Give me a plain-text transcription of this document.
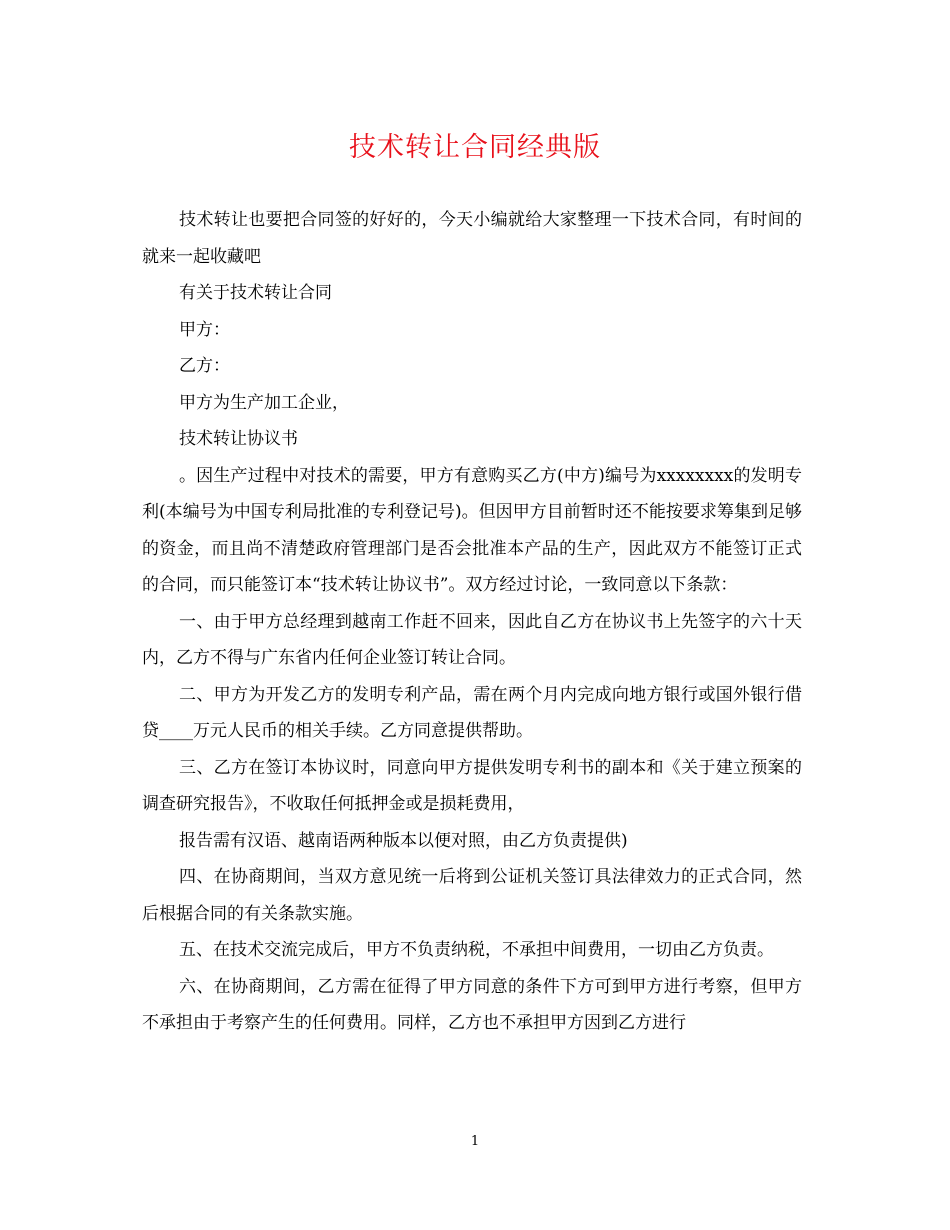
技术转让合同经典版

技术转让也要把合同签的好好的，今天小编就给大家整理一下技术合同，有时间的就来一起收藏吧

有关于技术转让合同

甲方：

乙方：

甲方为生产加工企业，

技术转让协议书

。因生产过程中对技术的需要，甲方有意购买乙方(中方)编号为xxxxxxxx的发明专利(本编号为中国专利局批准的专利登记号)。但因甲方目前暂时还不能按要求筹集到足够的资金，而且尚不清楚政府管理部门是否会批准本产品的生产，因此双方不能签订正式的合同，而只能签订本“技术转让协议书”。双方经过讨论，一致同意以下条款：

一、由于甲方总经理到越南工作赶不回来，因此自乙方在协议书上先签字的六十天内，乙方不得与广东省内任何企业签订转让合同。

二、甲方为开发乙方的发明专利产品，需在两个月内完成向地方银行或国外银行借贷____万元人民币的相关手续。乙方同意提供帮助。

三、乙方在签订本协议时，同意向甲方提供发明专利书的副本和《关于建立预案的调查研究报告》，不收取任何抵押金或是损耗费用，

报告需有汉语、越南语两种版本以便对照，由乙方负责提供)

四、在协商期间，当双方意见统一后将到公证机关签订具法律效力的正式合同，然后根据合同的有关条款实施。

五、在技术交流完成后，甲方不负责纳税，不承担中间费用，一切由乙方负责。

六、在协商期间，乙方需在征得了甲方同意的条件下方可到甲方进行考察，但甲方不承担由于考察产生的任何费用。同样，乙方也不承担甲方因到乙方进行

1
